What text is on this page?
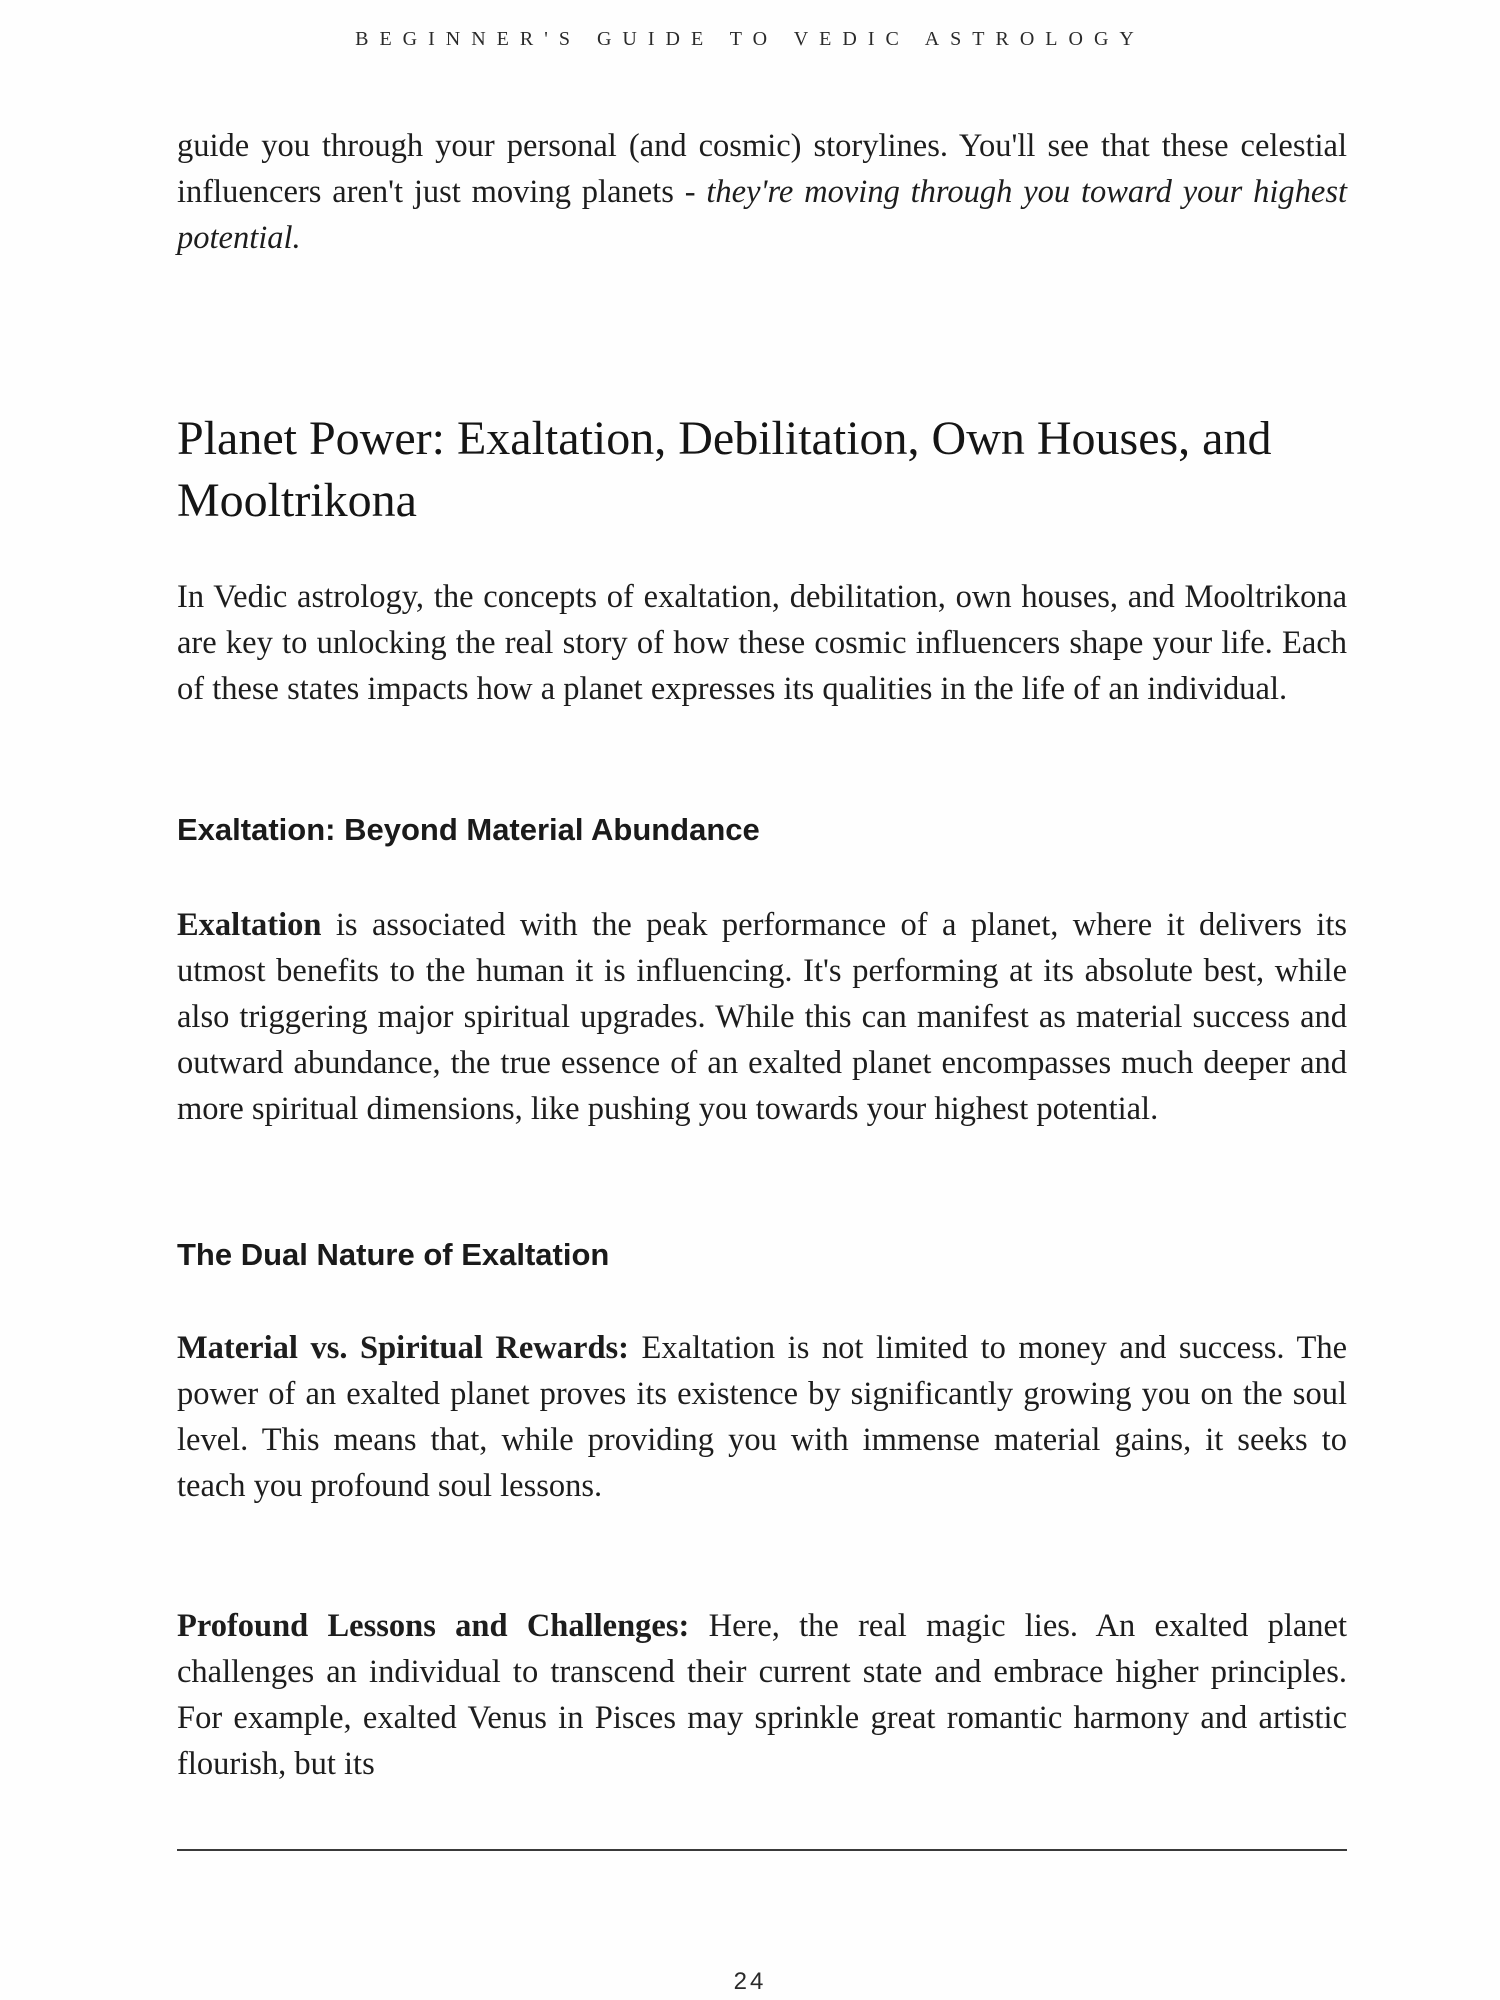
BEGINNER'S GUIDE TO VEDIC ASTROLOGY

guide you through your personal (and cosmic) storylines. You'll see that these celestial influencers aren't just moving planets - they're moving through you toward your highest potential.

Planet Power: Exaltation, Debilitation, Own Houses, and Mooltrikona

In Vedic astrology, the concepts of exaltation, debilitation, own houses, and Mooltrikona are key to unlocking the real story of how these cosmic influencers shape your life. Each of these states impacts how a planet expresses its qualities in the life of an individual.

Exaltation: Beyond Material Abundance

Exaltation is associated with the peak performance of a planet, where it delivers its utmost benefits to the human it is influencing. It's performing at its absolute best, while also triggering major spiritual upgrades. While this can manifest as material success and outward abundance, the true essence of an exalted planet encompasses much deeper and more spiritual dimensions, like pushing you towards your highest potential.

The Dual Nature of Exaltation

Material vs. Spiritual Rewards: Exaltation is not limited to money and success. The power of an exalted planet proves its existence by significantly growing you on the soul level. This means that, while providing you with immense material gains, it seeks to teach you profound soul lessons.

Profound Lessons and Challenges: Here, the real magic lies. An exalted planet challenges an individual to transcend their current state and embrace higher principles. For example, exalted Venus in Pisces may sprinkle great romantic harmony and artistic flourish, but its

24
